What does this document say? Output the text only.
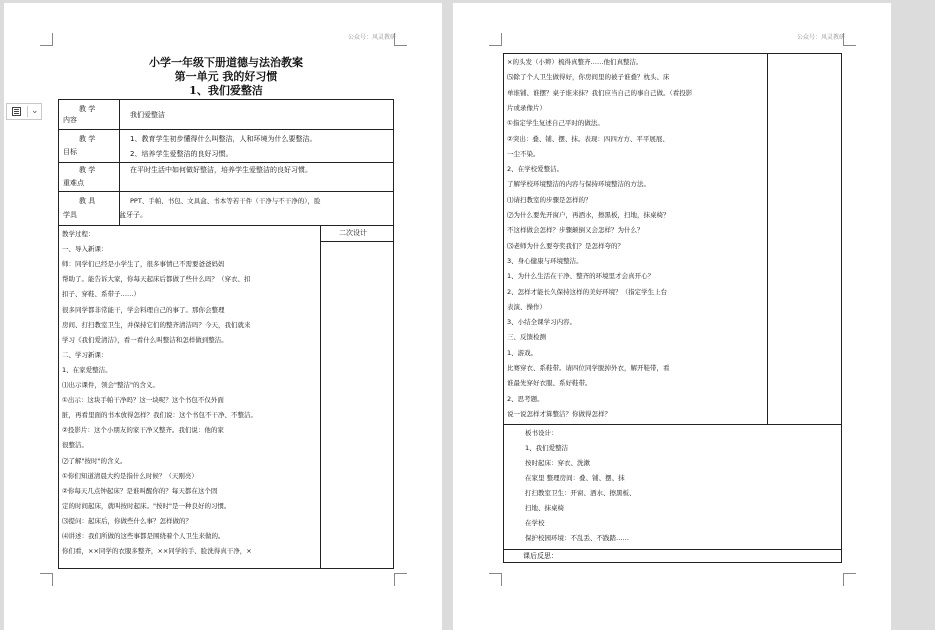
公众号：风灵教研
小学一年级下册道德与法治教案
第一单元 我的好习惯
1、我们爱整洁
教 学
内容
我们爱整洁
教 学
目标
1、教育学生初步懂得什么叫整洁，人和环境为什么要整洁。
2、培养学生爱整洁的良好习惯。
教 学
重难点
在平时生活中如何做好整洁，培养学生爱整洁的良好习惯。
教 具
学具
PPT、手帕、书包、文具盒、书本等若干件（干净与不干净的），脸
盆牙子。
二次设计
教学过程：
一、导入新课：
师：同学们已经是小学生了，很多事情已不需要爸爸妈妈
帮助了。能告诉大家，你每天起床后都做了些什么吗？（穿衣、扣
扣子、穿鞋、系带子……）
很多同学都非常能干，学会料理自己的事了。那你会整理
房间、打扫教室卫生，并保持它们的整齐清洁吗？今天，我们就来
学习《我们爱清洁》，看一看什么叫整洁和怎样做到整洁。
二、学习新课：
1、在家爱整洁。
⑴出示课件，领会"整洁"的含义。
①出示：这块手帕干净吗？这一块呢？这个书包不仅外面
脏，再看里面的书本放得怎样？我们说：这个书包不干净、不整洁。
②投影片：这个小朋友的家干净又整齐。我们说：他的家
很整洁。
⑵了解"按时"的含义。
①你们知道清晨大约是指什么时候？（天刚亮）
②你每天几点钟起床？是谁叫醒你的？每天都在这个固
定的时间起床，就叫按时起床。"按时"是一种良好的习惯。
⑶提问：起床后，你做些什么事？怎样做的？
⑷讲述：我们所做的这些事都是围绕着个人卫生来做的。
你们看，××同学的衣服多整齐，××同学的手、脸洗得真干净，×
公众号：风灵教研
×的头发（小辫）梳得真整齐……他们真整洁。
⑸除了个人卫生做得好，你房间里的被子谁叠？枕头、床
单谁铺、谁摆？桌子谁来抹？我们应当自己的事自己做。（看投影
片或录像片）
①指定学生复述自己平时的做法。
②突出：叠、铺、摆、抹。表现：四四方方、平平展展、
一尘不染。
2、在学校爱整洁。
了解学校环境整洁的内容与保持环境整洁的方法。
⑴请扫教室的步骤是怎样的？
⑵为什么要先开窗户，再洒水，擦黑板，扫地，抹桌椅？
不这样做会怎样？步骤颠倒又会怎样？为什么？
⑶老师为什么要夸奖我们？是怎样夸的？
3、身心健康与环境整洁。
1、为什么生活在干净、整齐的环境里才会真开心？
2、怎样才能长久保持这样的美好环境？（指定学生上台
表演、操作）
3、小结全课学习内容。
三、反馈检测
1、游戏。
比赛穿衣、系鞋带。请四位同学脱掉外衣，解开鞋带，看
谁最先穿好衣服、系好鞋带。
2、思考题。
说一说怎样才算整洁？你做得怎样？
板书设计：
1、我们爱整洁
按时起床：穿衣、洗漱
在家里 整理房间：叠、铺、摆、抹
打扫教室卫生：开窗、洒水、擦黑板、
扫地、抹桌椅
在学校
保护校园环境：不乱丢、不践踏……
课后反思：
⌄
